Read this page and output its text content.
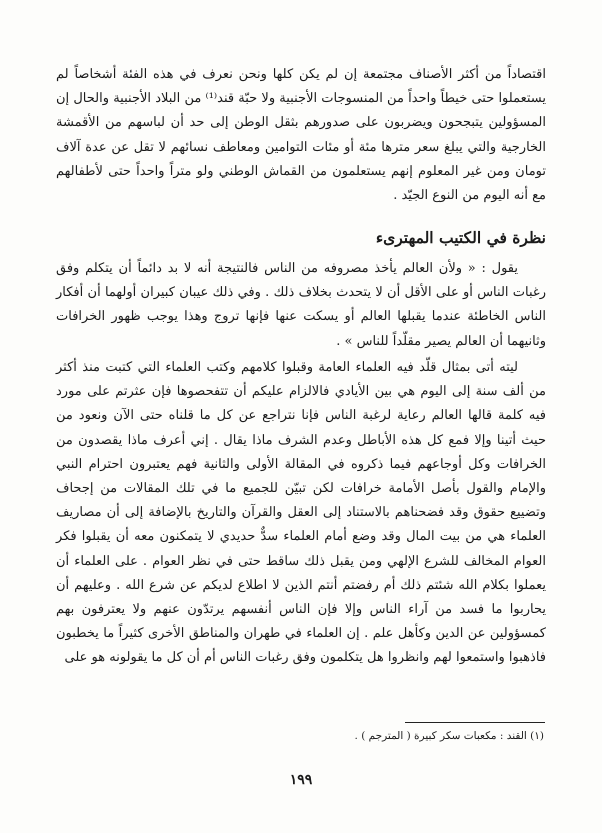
اقتصاداً من أكثر الأصناف مجتمعة إن لم يكن كلها ونحن نعرف في هذه الفئة أشخاصاً لم يستعملوا حتى خيطاً واحداً من المنسوجات الأجنبية ولا حبّة قند⁽¹⁾ من البلاد الأجنبية والحال إن المسؤولين يتبجحون ويضربون على صدورهم بثقل الوطن إلى حد أن لباسهم من الأقمشة الخارجية والتي يبلغ سعر مترها مئة أو مئات التوامين ومعاطف نسائهم لا تقل عن عدة آلاف تومان ومن غير المعلوم إنهم يستعلمون من القماش الوطني ولو متراً واحداً حتى لأطفالهم مع أنه اليوم من النوع الجيّد .

نظرة في الكتيب المهترىء

يقول : « ولأن العالم يأخذ مصروفه من الناس فالنتيجة أنه لا بد دائماً أن يتكلم وفق رغبات الناس أو على الأقل أن لا يتحدث بخلاف ذلك . وفي ذلك عيبان كبيران أولهما أن أفكار الناس الخاطئة عندما يقبلها العالم أو يسكت عنها فإنها تروج وهذا يوجب ظهور الخرافات وثانيهما أن العالم يصير مقلّداً للناس » .

ليته أتى بمثال قلّد فيه العلماء العامة وقبلوا كلامهم وكتب العلماء التي كتبت منذ أكثر من ألف سنة إلى اليوم هي بين الأيادي فالالزام عليكم أن تتفحصوها فإن عثرتم على مورد فيه كلمة قالها العالم رعاية لرغبة الناس فإنا نتراجع عن كل ما قلناه حتى الآن ونعود من حيث أتينا وإلا فمع كل هذه الأباطل وعدم الشرف ماذا يقال . إني أعرف ماذا يقصدون من الخرافات وكل أوجاعهم فيما ذكروه في المقالة الأولى والثانية فهم يعتبرون احترام النبي والإمام والقول بأصل الأمامة خرافات لكن تبيّن للجميع ما في تلك المقالات من إجحاف وتضييع حقوق وقد فضحناهم بالاستناد إلى العقل والقرآن والتاريخ بالإضافة إلى أن مصاريف العلماء هي من بيت المال وقد وضع أمام العلماء سدٌّ حديدي لا يتمكنون معه أن يقبلوا فكر العوام المخالف للشرع الإلهي ومن يقبل ذلك ساقط حتى في نظر العوام . على العلماء أن يعملوا بكلام الله شئتم ذلك أم رفضتم أنتم الذين لا اطلاع لديكم عن شرع الله . وعليهم أن يحاربوا ما فسد من آراء الناس وإلا فإن الناس أنفسهم يرتدّون عنهم ولا يعترفون بهم كمسؤولين عن الدين وكأهل علم . إن العلماء في طهران والمناطق الأخرى كثيراً ما يخطبون فاذهبوا واستمعوا لهم وانظروا هل يتكلمون وفق رغبات الناس أم أن كل ما يقولونه هو على

(١) القند : مكعبات سكر كبيرة ( المترجم ) .

١٩٩
